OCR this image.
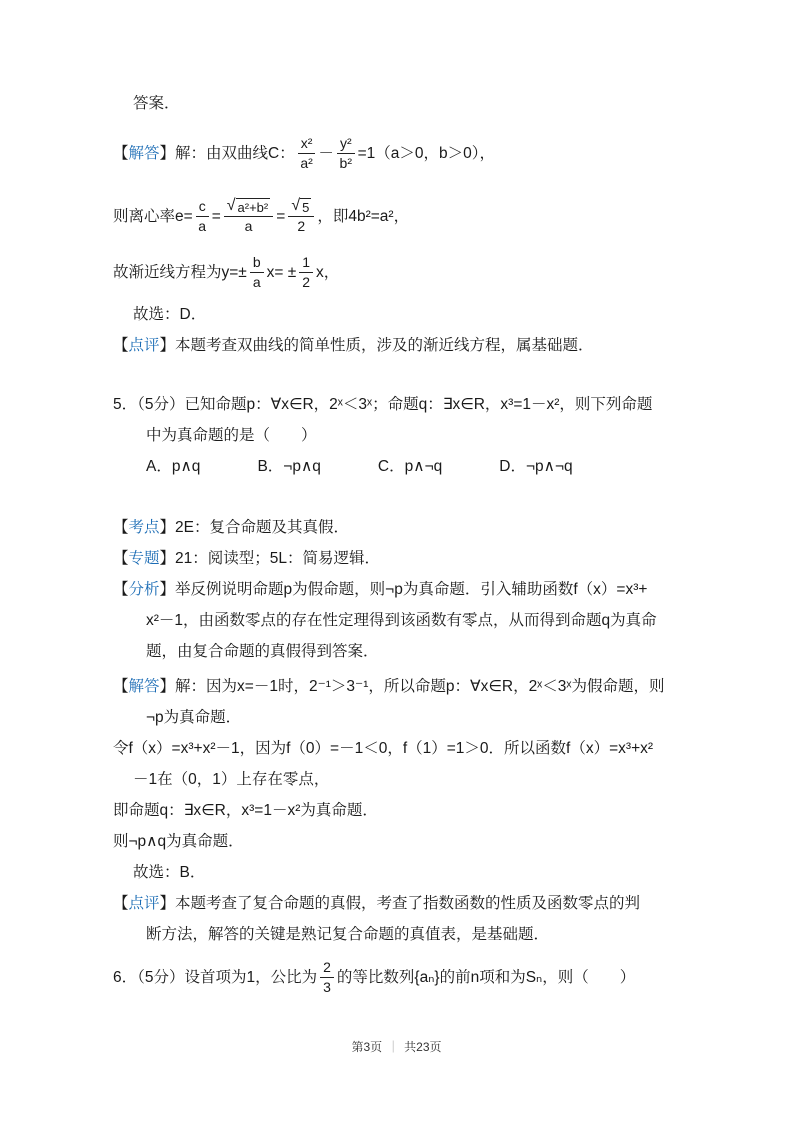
答案．

【解答】 解：由双曲线C： $\frac{\text{x²}}{\text{a²}} - \frac{\text{y²}}{\text{b²}} =1(a>0$，b＞0），
则离心率$e= \frac{c}{a} = \frac{\text{√ a²+b²}}{a} = \frac{√ 5}{2}$ ，即4b²=a²，
故渐近线方程为$y=\pm \frac{b}{a} x= \pm \frac{1}{2}$ x，

故选：D．

【点评】本题考查双曲线的简单性质，涉及的渐近线方程，属基础题．

5．（5分）已知命题p：∀x∈R，2ˣ＜3ˣ；命题q：∃x∈R，x³=1－x²，则下列命题

中为真命题的是（　　）

A．p∧q	B．¬p∧q	C．p∧¬q	D．¬p∧¬q

【考点】2E：复合命题及其真假．

【专题】21：阅读型；5L：简易逻辑．

【分析】举反例说明命题p为假命题，则¬p为真命题．引入辅助函数f（x）=x³+

x²－1，由函数零点的存在性定理得到该函数有零点，从而得到命题q为真命

题，由复合命题的真假得到答案．

【解答】解：因为x=－1时，2⁻¹＞3⁻¹，所以命题p：∀x∈R，2ˣ＜3ˣ为假命题，则

¬p为真命题．

令f（x）=x³+x²－1，因为f（0）=－1＜0，f（1）=1＞0．所以函数f（x）=x³+x²

－1在（0，1）上存在零点，

即命题q：∃x∈R，x³=1－x²为真命题．

则¬p∧q为真命题．

故选：B．

【点评】本题考查了复合命题的真假，考查了指数函数的性质及函数零点的判

断方法，解答的关键是熟记复合命题的真值表，是基础题．

6．（5分）设首项为1，公比为 $\frac{2}{3}$ 的等比数列{aₙ}的前n项和为Sₙ，则（　　）
第3页 ｜ 共23页
